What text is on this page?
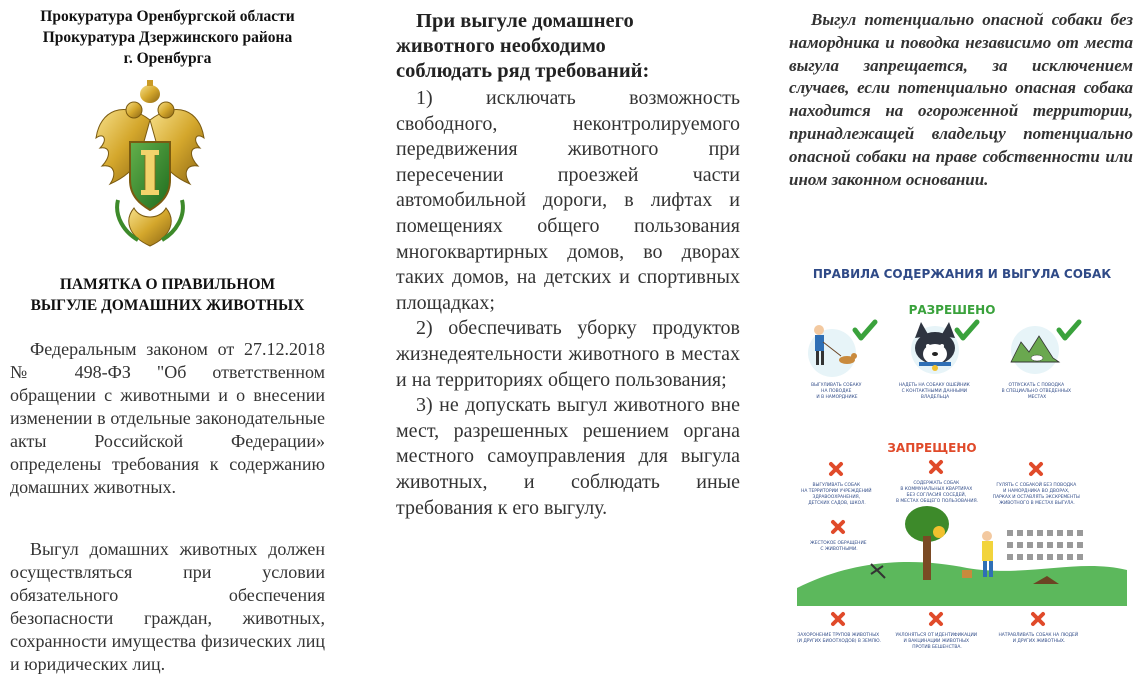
Прокуратура Оренбургской области
Прокуратура Дзержинского района
г. Оренбурга
ПАМЯТКА О ПРАВИЛЬНОМ
ВЫГУЛЕ ДОМАШНИХ ЖИВОТНЫХ

Федеральным законом от 27.12.2018 № 498-ФЗ "Об ответственном обращении с животными и о внесении изменении в отдельные законодательные акты Российской Федерации» определены требования к содержанию домашних животных.

Выгул домашних животных должен осуществляться при условии обязательного обеспечения безопасности граждан, животных, сохранности имущества физических лиц и юридических лиц.

При выгуле домашнего
животного необходимо
соблюдать ряд требований:

1) исключать возможность свободного, неконтролируемого передвижения животного при пересечении проезжей части автомобильной дороги, в лифтах и помещениях общего пользования многоквартирных домов, во дворах таких домов, на детских и спортивных площадках;

2) обеспечивать уборку продуктов жизнедеятельности животного в местах и на территориях общего пользования;

3) не допускать выгул животного вне мест, разрешенных решением органа местного самоуправления для выгула животных, и соблюдать иные требования к его выгулу.

Выгул потенциально опасной собаки без намордника и поводка независимо от места выгула запрещается, за исключением случаев, если потенциально опасная собака находится на огороженной территории, принадлежащей владельцу потенциально опасной собаки на праве собственности или ином законном основании.

ПРАВИЛА СОДЕРЖАНИЯ И ВЫГУЛА СОБАК
РАЗРЕШЕНО
ВЫГУЛИВАТЬ СОБАКУ НА ПОВОДКЕ И В НАМОРДНИКЕ
НАДЕТЬ НА СОБАКУ ОШЕЙНИК С КОНТАКТНЫМИ ДАННЫМИ ВЛАДЕЛЬЦА
ОТПУСКАТЬ С ПОВОДКА В СПЕЦИАЛЬНО ОТВЕДЕННЫХ МЕСТАХ
ЗАПРЕЩЕНО
ВЫГУЛИВАТЬ СОБАК НА ТЕРРИТОРИИ УЧРЕЖДЕНИЙ ЗДРАВООХРАНЕНИЯ, ДЕТСКИХ САДОВ, ШКОЛ.
СОДЕРЖАТЬ СОБАК В КОММУНАЛЬНЫХ КВАРТИРАХ БЕЗ СОГЛАСИЯ СОСЕДЕЙ, В МЕСТАХ ОБЩЕГО ПОЛЬЗОВАНИЯ.
ГУЛЯТЬ С СОБАКОЙ БЕЗ ПОВОДКА И НАМОРДНИКА ВО ДВОРАХ, ПАРКАХ И ОСТАВЛЯТЬ ЭКСКРЕМЕНТЫ ЖИВОТНОГО В МЕСТАХ ВЫГУЛА.
ЖЕСТОКОЕ ОБРАЩЕНИЕ С ЖИВОТНЫМИ.
ЗАХОРОНЕНИЕ ТРУПОВ ЖИВОТНЫХ (И ДРУГИХ БИООТХОДОВ) В ЗЕМЛЮ.
УКЛОНЯТЬСЯ ОТ ИДЕНТИФИКАЦИИ И ВАКЦИНАЦИИ ЖИВОТНЫХ ПРОТИВ БЕШЕНСТВА.
НАТРАВЛИВАТЬ СОБАК НА ЛЮДЕЙ И ДРУГИХ ЖИВОТНЫХ.
